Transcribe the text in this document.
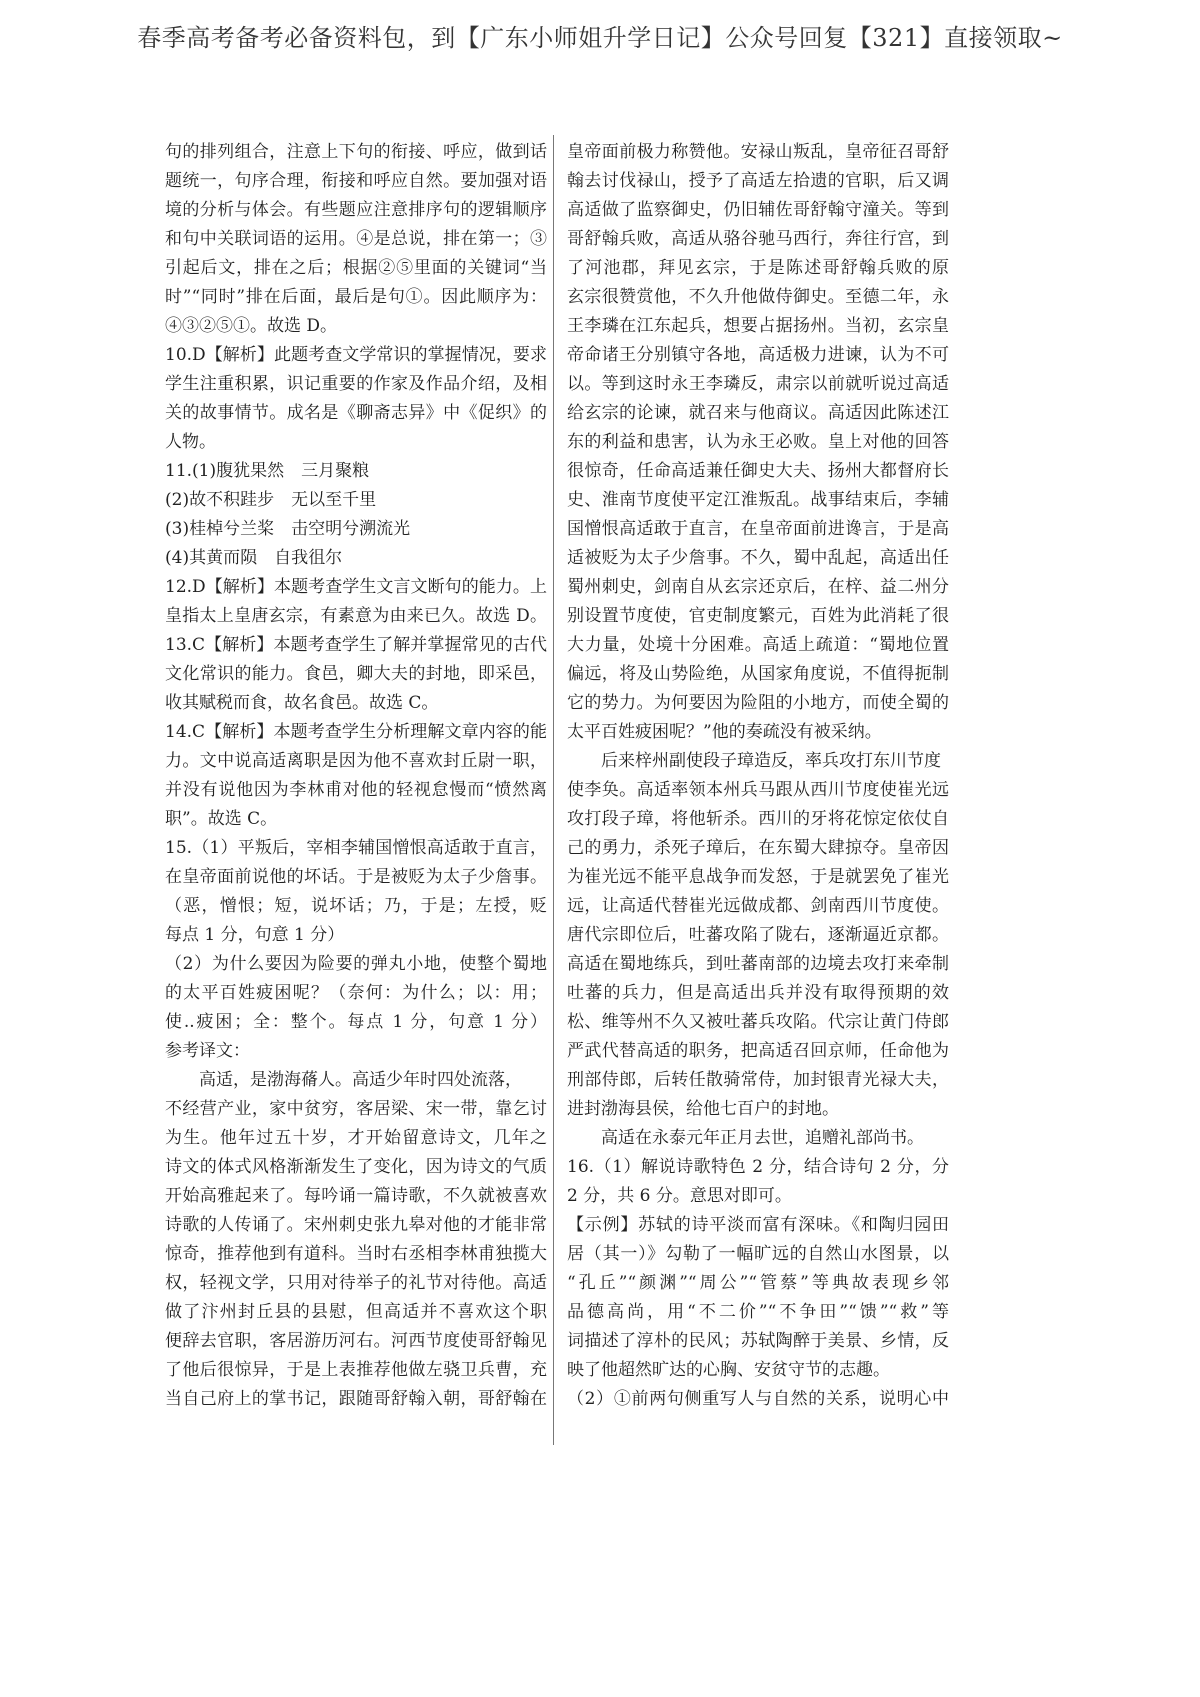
春季高考备考必备资料包，到【广东小师姐升学日记】公众号回复【321】直接领取~
句的排列组合，注意上下句的衔接、呼应，做到话
题统一，句序合理，衔接和呼应自然。要加强对语
境的分析与体会。有些题应注意排序句的逻辑顺序
和句中关联词语的运用。④是总说，排在第一；③
引起后文，排在之后；根据②⑤里面的关键词“当
时”“同时”排在后面，最后是句①。因此顺序为：
④③②⑤①。故选 D。
10.D【解析】此题考查文学常识的掌握情况，要求
学生注重积累，识记重要的作家及作品介绍，及相
关的故事情节。成名是《聊斋志异》中《促织》的
人物。
11.(1)腹犹果然　三月聚粮
(2)故不积跬步　无以至千里
(3)桂棹兮兰桨　击空明兮溯流光
(4)其黄而陨　自我徂尔
12.D【解析】本题考查学生文言文断句的能力。上
皇指太上皇唐玄宗，有素意为由来已久。故选 D。
13.C【解析】本题考查学生了解并掌握常见的古代
文化常识的能力。食邑，卿大夫的封地，即采邑，
收其赋税而食，故名食邑。故选 C。
14.C【解析】本题考查学生分析理解文章内容的能
力。文中说高适离职是因为他不喜欢封丘尉一职，
并没有说他因为李林甫对他的轻视怠慢而“愤然离
职”。故选 C。
15.（1）平叛后，宰相李辅国憎恨高适敢于直言，
在皇帝面前说他的坏话。于是被贬为太子少詹事。
（恶，憎恨；短，说坏话；乃，于是；左授，贬
每点 1 分，句意 1 分）
（2）为什么要因为险要的弹丸小地，使整个蜀地
的太平百姓疲困呢？（奈何：为什么；以：用；
使..疲困；全：整个。每点 1 分，句意 1 分）
参考译文：
　　高适，是渤海蓨人。高适少年时四处流落，
不经营产业，家中贫穷，客居梁、宋一带，靠乞讨
为生。他年过五十岁，才开始留意诗文，几年之
诗文的体式风格渐渐发生了变化，因为诗文的气质
开始高雅起来了。每吟诵一篇诗歌，不久就被喜欢
诗歌的人传诵了。宋州刺史张九皋对他的才能非常
惊奇，推荐他到有道科。当时右丞相李林甫独揽大
权，轻视文学，只用对待举子的礼节对待他。高适
做了汴州封丘县的县慰，但高适并不喜欢这个职
便辞去官职，客居游历河右。河西节度使哥舒翰见
了他后很惊异，于是上表推荐他做左骁卫兵曹，充
当自己府上的掌书记，跟随哥舒翰入朝，哥舒翰在
皇帝面前极力称赞他。安禄山叛乱，皇帝征召哥舒
翰去讨伐禄山，授予了高适左拾遗的官职，后又调
高适做了监察御史，仍旧辅佐哥舒翰守潼关。等到
哥舒翰兵败，高适从骆谷驰马西行，奔往行宫，到
了河池郡，拜见玄宗，于是陈述哥舒翰兵败的原
玄宗很赞赏他，不久升他做侍御史。至德二年，永
王李璘在江东起兵，想要占据扬州。当初，玄宗皇
帝命诸王分别镇守各地，高适极力进谏，认为不可
以。等到这时永王李璘反，肃宗以前就听说过高适
给玄宗的论谏，就召来与他商议。高适因此陈述江
东的利益和患害，认为永王必败。皇上对他的回答
很惊奇，任命高适兼任御史大夫、扬州大都督府长
史、淮南节度使平定江淮叛乱。战事结束后，李辅
国憎恨高适敢于直言，在皇帝面前进谗言，于是高
适被贬为太子少詹事。不久，蜀中乱起，高适出任
蜀州刺史，剑南自从玄宗还京后，在梓、益二州分
别设置节度使，官吏制度繁元，百姓为此消耗了很
大力量，处境十分困难。高适上疏道：“蜀地位置
偏远，将及山势险绝，从国家角度说，不值得扼制
它的势力。为何要因为险阻的小地方，而使全蜀的
太平百姓疲困呢？”他的奏疏没有被采纳。
　　后来梓州副使段子璋造反，率兵攻打东川节度
使李奂。高适率领本州兵马跟从西川节度使崔光远
攻打段子璋，将他斩杀。西川的牙将花惊定依仗自
己的勇力，杀死子璋后，在东蜀大肆掠夺。皇帝因
为崔光远不能平息战争而发怒，于是就罢免了崔光
远，让高适代替崔光远做成都、剑南西川节度使。
唐代宗即位后，吐蕃攻陷了陇右，逐渐逼近京都。
高适在蜀地练兵，到吐蕃南部的边境去攻打来牵制
吐蕃的兵力，但是高适出兵并没有取得预期的效
松、维等州不久又被吐蕃兵攻陷。代宗让黄门侍郎
严武代替高适的职务，把高适召回京师，任命他为
刑部侍郎，后转任散骑常侍，加封银青光禄大夫，
进封渤海县侯，给他七百户的封地。
　　高适在永泰元年正月去世，追赠礼部尚书。
16.（1）解说诗歌特色 2 分，结合诗句 2 分，分
2 分，共 6 分。意思对即可。
【示例】苏轼的诗平淡而富有深味。《和陶归园田
居（其一）》勾勒了一幅旷远的自然山水图景，以
“孔丘”“颜渊”“周公”“管蔡”等典故表现乡邻
品德高尚，用“不二价”“不争田”“馈”“救”等
词描述了淳朴的民风；苏轼陶醉于美景、乡情，反
映了他超然旷达的心胸、安贫守节的志趣。
（2）①前两句侧重写人与自然的关系，说明心中
